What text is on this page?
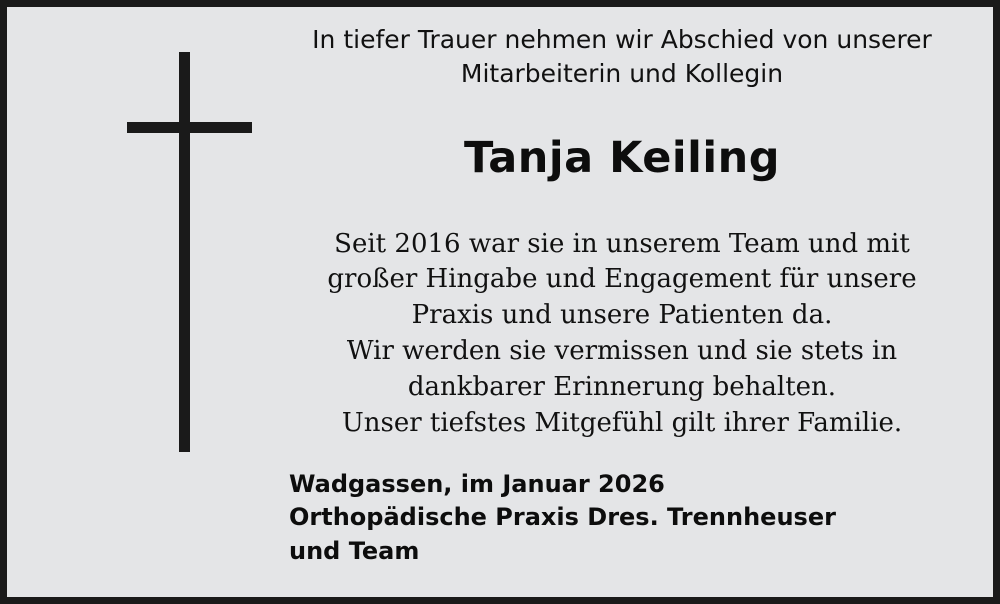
In tiefer Trauer nehmen wir Abschied von unserer Mitarbeiterin und Kollegin
Tanja Keiling
Seit 2016 war sie in unserem Team und mit
großer Hingabe und Engagement für unsere
Praxis und unsere Patienten da.
Wir werden sie vermissen und sie stets in
dankbarer Erinnerung behalten.
Unser tiefstes Mitgefühl gilt ihrer Familie.
Wadgassen, im Januar 2026
Orthopädische Praxis Dres. Trennheuser
und Team
